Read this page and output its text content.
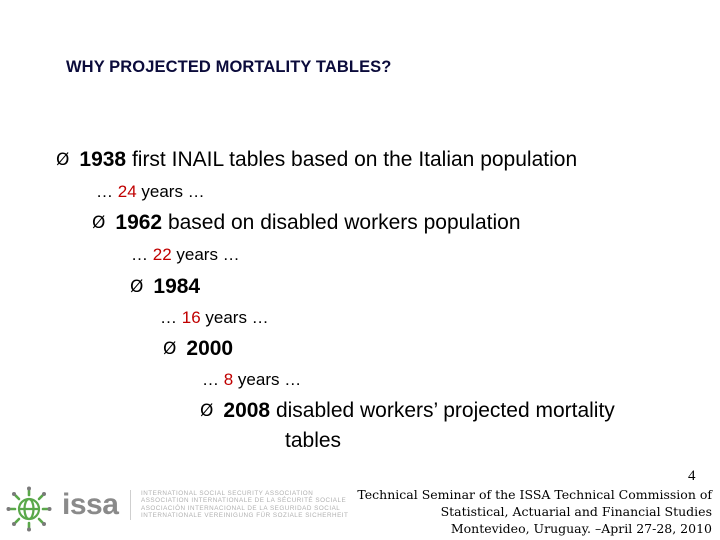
WHY PROJECTED MORTALITY TABLES?
Ø 1938 first INAIL tables based on the Italian population
… 24 years …
Ø 1962 based on disabled workers population
… 22 years …
Ø 1984
… 16 years …
Ø 2000
… 8 years …
Ø 2008 disabled workers’ projected mortality
tables
4
Technical Seminar of the ISSA Technical Commission of
Statistical, Actuarial and Financial Studies
Montevideo, Uruguay. –April 27-28, 2010
issa	INTERNATIONAL SOCIAL SECURITY ASSOCIATION
ASSOCIATION INTERNATIONALE DE LA SÉCURITÉ SOCIALE
ASOCIACIÓN INTERNACIONAL DE LA SEGURIDAD SOCIAL
INTERNATIONALE VEREINIGUNG FÜR SOZIALE SICHERHEIT
